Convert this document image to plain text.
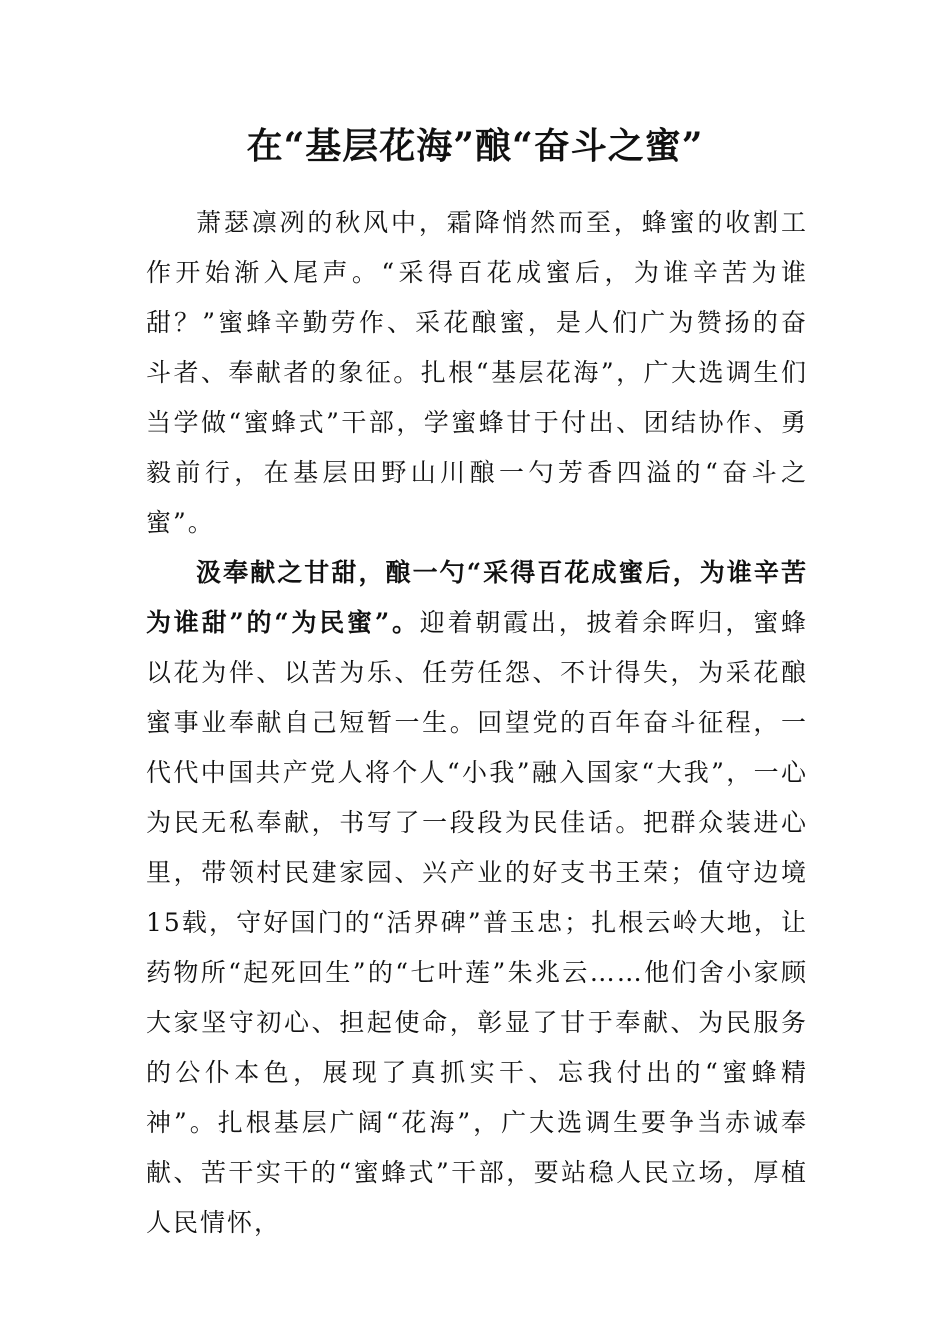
在“基层花海”酿“奋斗之蜜”

萧瑟凛冽的秋风中，霜降悄然而至，蜂蜜的收割工作开始渐入尾声。“采得百花成蜜后，为谁辛苦为谁甜？”蜜蜂辛勤劳作、采花酿蜜，是人们广为赞扬的奋斗者、奉献者的象征。扎根“基层花海”，广大选调生们当学做“蜜蜂式”干部，学蜜蜂甘于付出、团结协作、勇毅前行，在基层田野山川酿一勺芳香四溢的“奋斗之蜜”。

汲奉献之甘甜，酿一勺“采得百花成蜜后，为谁辛苦为谁甜”的“为民蜜”。迎着朝霞出，披着余晖归，蜜蜂以花为伴、以苦为乐、任劳任怨、不计得失，为采花酿蜜事业奉献自己短暂一生。回望党的百年奋斗征程，一代代中国共产党人将个人“小我”融入国家“大我”，一心为民无私奉献，书写了一段段为民佳话。把群众装进心里，带领村民建家园、兴产业的好支书王荣；值守边境15载，守好国门的“活界碑”普玉忠；扎根云岭大地，让药物所“起死回生”的“七叶莲”朱兆云……他们舍小家顾大家坚守初心、担起使命，彰显了甘于奉献、为民服务的公仆本色，展现了真抓实干、忘我付出的“蜜蜂精神”。扎根基层广阔“花海”，广大选调生要争当赤诚奉献、苦干实干的“蜜蜂式”干部，要站稳人民立场，厚植人民情怀，
